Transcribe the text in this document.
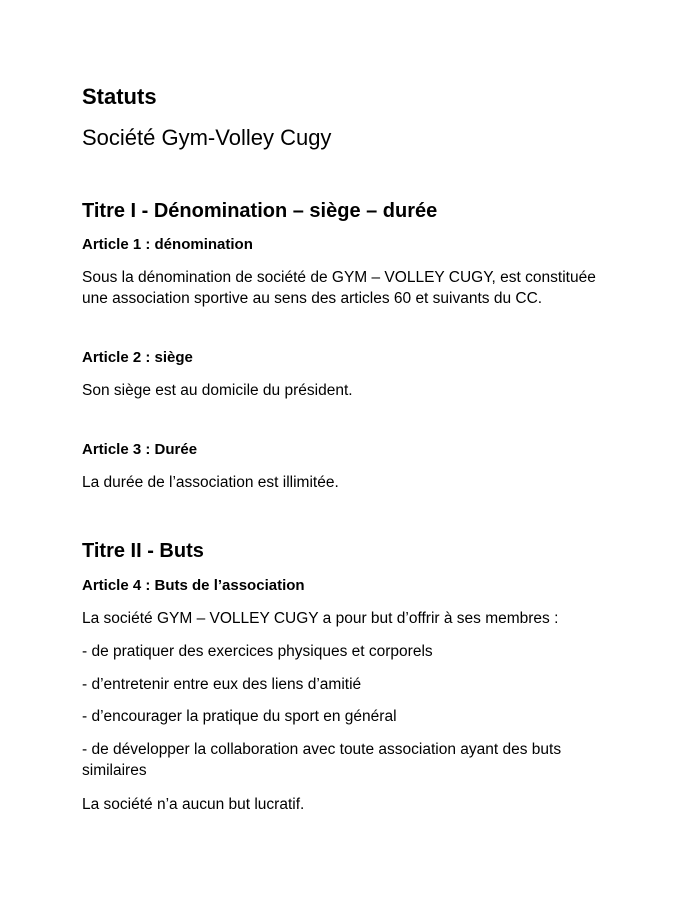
Statuts
Société Gym-Volley Cugy
Titre I - Dénomination – siège – durée
Article 1 : dénomination
Sous la dénomination de société de GYM – VOLLEY CUGY, est constituée
une association sportive au sens des articles 60 et suivants du CC.
Article 2 : siège
Son siège est au domicile du président.
Article 3 : Durée
La durée de l’association est illimitée.
Titre II - Buts
Article 4 : Buts de l’association
La société GYM – VOLLEY CUGY a pour but d’offrir à ses membres :
- de pratiquer des exercices physiques et corporels
- d’entretenir entre eux des liens d’amitié
- d’encourager la pratique du sport en général
- de développer la collaboration avec toute association ayant des buts
similaires
La société n’a aucun but lucratif.
